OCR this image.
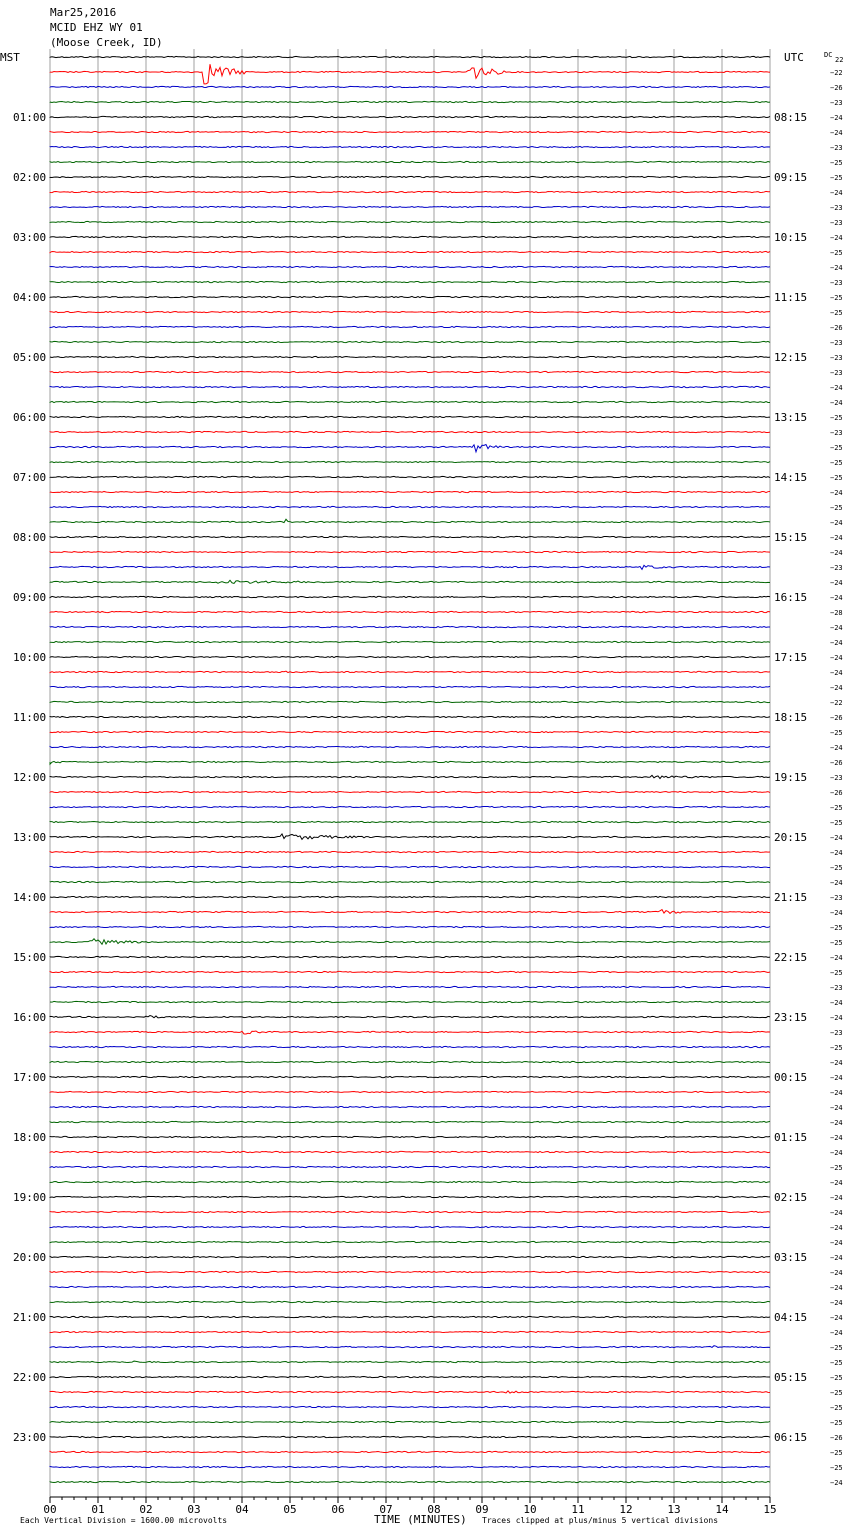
Mar25,2016
MCID EHZ WY 01
(Moose Creek, ID)
MST	UTC	DC
22
01:00
02:00
03:00
04:00
05:00
06:00
07:00
08:00
09:00
10:00
11:00
12:00
13:00
14:00
15:00
16:00
17:00
18:00
19:00
20:00
21:00
22:00
23:00
08:15
09:15
10:15
11:15
12:15
13:15
14:15
15:15
16:15
17:15
18:15
19:15
20:15
21:15
22:15
23:15
00:15
01:15
02:15
03:15
04:15
05:15
06:15
−22
−26
−23
−24
−24
−23
−25
−25
−24
−23
−23
−24
−25
−24
−23
−25
−25
−26
−23
−23
−23
−24
−24
−25
−23
−25
−25
−25
−24
−25
−24
−24
−24
−23
−24
−24
−28
−24
−24
−24
−24
−24
−22
−26
−25
−24
−26
−23
−26
−25
−25
−24
−24
−25
−24
−23
−24
−25
−25
−24
−25
−23
−24
−24
−23
−25
−24
−24
−24
−24
−24
−24
−24
−25
−24
−24
−24
−24
−24
−24
−24
−24
−24
−24
−24
−25
−25
−25
−25
−25
−25
−26
−25
−25
−24
00	01	02	03	04	05	06	07	08	09	10	11	12	13	14	15
Each Vertical Division = 1600.00 microvolts	TIME (MINUTES) Traces clipped at plus/minus 5 vertical divisions
